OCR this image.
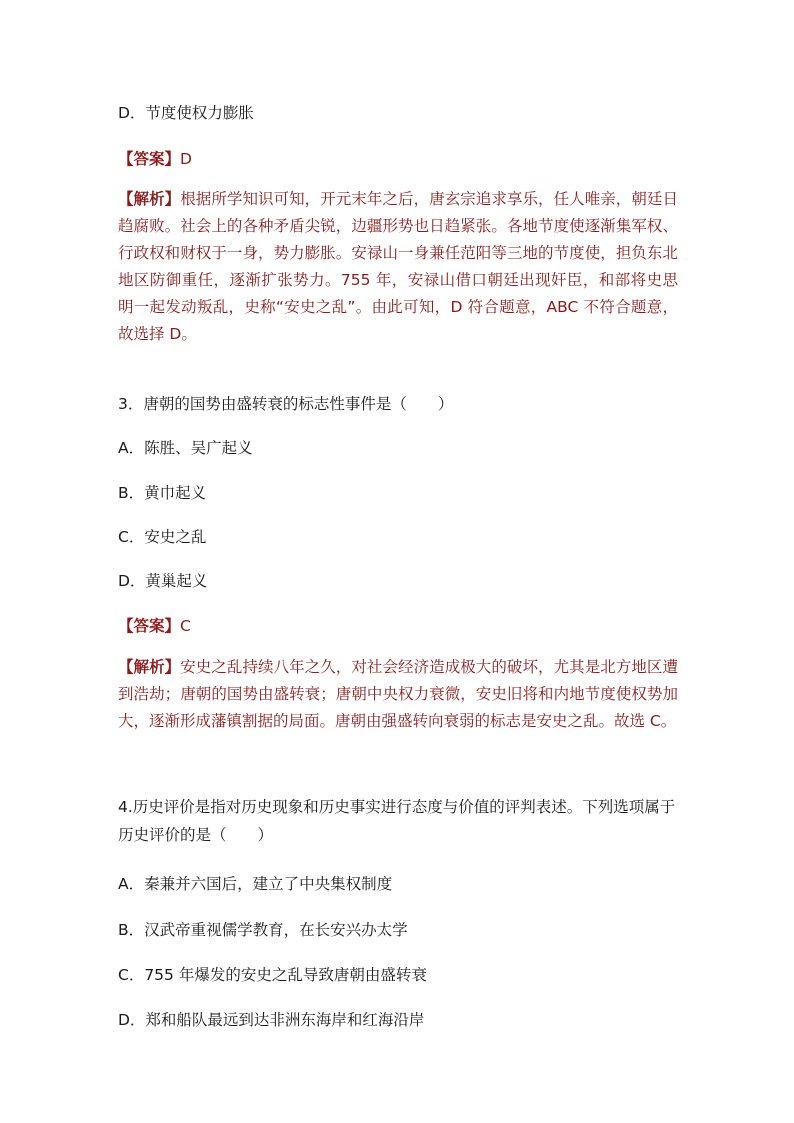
D．节度使权力膨胀
【答案】D
【解析】根据所学知识可知，开元末年之后，唐玄宗追求享乐，任人唯亲，朝廷日趋腐败。社会上的各种矛盾尖锐，边疆形势也日趋紧张。各地节度使逐渐集军权、行政权和财权于一身，势力膨胀。安禄山一身兼任范阳等三地的节度使，担负东北地区防御重任，逐渐扩张势力。755 年，安禄山借口朝廷出现奸臣，和部将史思明一起发动叛乱，史称“安史之乱”。由此可知，D 符合题意，ABC 不符合题意，故选择 D。
3．唐朝的国势由盛转衰的标志性事件是（　　）
A．陈胜、吴广起义
B．黄巾起义
C．安史之乱
D．黄巢起义
【答案】C
【解析】安史之乱持续八年之久，对社会经济造成极大的破坏，尤其是北方地区遭到浩劫；唐朝的国势由盛转衰；唐朝中央权力衰微，安史旧将和内地节度使权势加大，逐渐形成藩镇割据的局面。唐朝由强盛转向衰弱的标志是安史之乱。故选 C。
4.历史评价是指对历史现象和历史事实进行态度与价值的评判表述。下列选项属于历史评价的是（　　）
A．秦兼并六国后，建立了中央集权制度
B．汉武帝重视儒学教育，在长安兴办太学
C．755 年爆发的安史之乱导致唐朝由盛转衰
D．郑和船队最远到达非洲东海岸和红海沿岸
